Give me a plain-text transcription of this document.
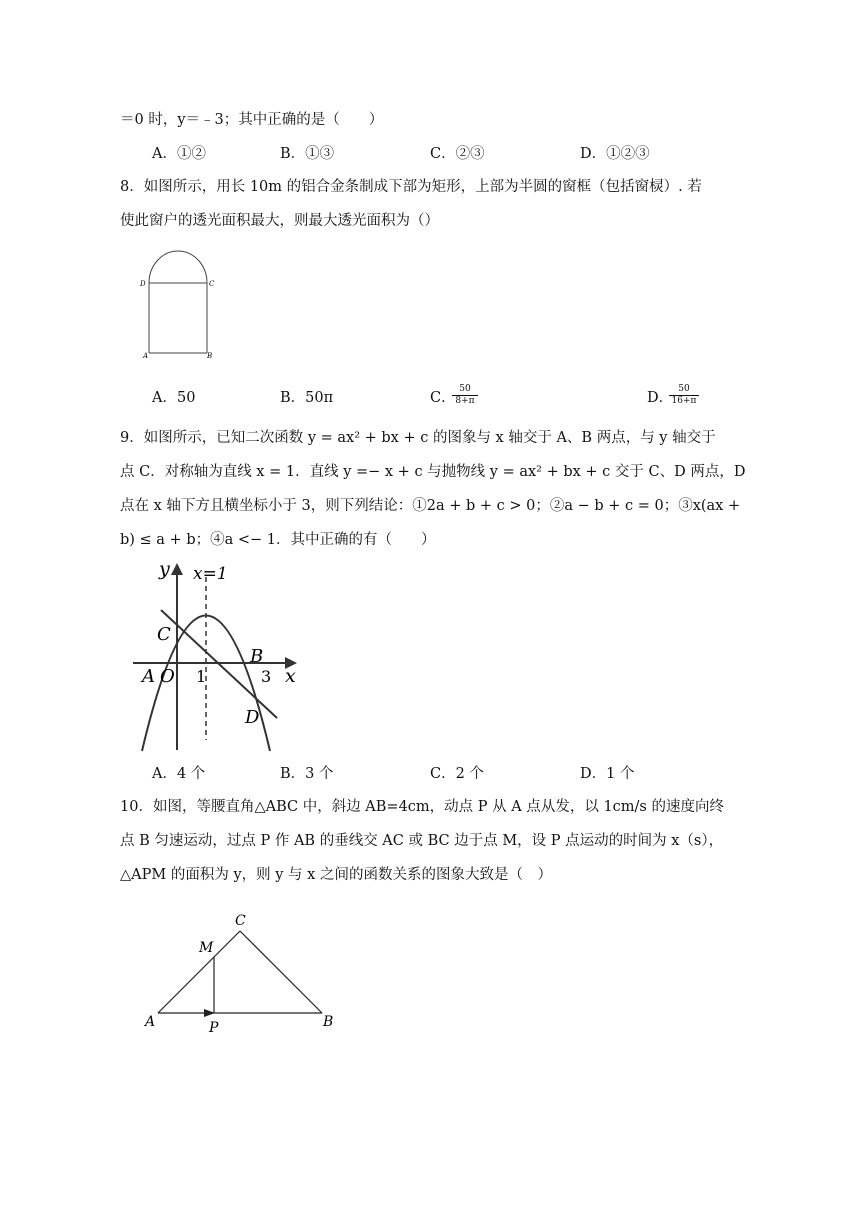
＝0 时，y＝﹣3；其中正确的是（　　）
A．①②	B．①③	C．②③	D．①②③
8．如图所示，用长 10m 的铝合金条制成下部为矩形，上部为半圆的窗框（包括窗棂）. 若
使此窗户的透光面积最大，则最大透光面积为（）
D	C
A	B
A．50	B．50π	C．
$\frac{50}{8+\pi}$	D．
$\frac{50}{16+\pi}$
9．如图所示，已知二次函数 y = ax² + bx + c 的图象与 x 轴交于 A、B 两点，与 y 轴交于
点 C．对称轴为直线 x = 1．直线 y =− x + c 与抛物线 y = ax² + bx + c 交于 C、D 两点，D
点在 x 轴下方且横坐标小于 3，则下列结论：①2a + b + c > 0；②a − b + c = 0；③x(ax +
b) ≤ a + b；④a <− 1．其中正确的有（　　）
y x=1
C
A O 1
B
3 x
D
A．4 个	B．3 个	C．2 个	D．1 个
10．如图，等腰直角△ABC 中，斜边 AB=4cm，动点 P 从 A 点从发，以 1cm/s 的速度向终
点 B 匀速运动，过点 P 作 AB 的垂线交 AC 或 BC 边于点 M，设 P 点运动的时间为 x（s），
△APM 的面积为 y，则 y 与 x 之间的函数关系的图象大致是（　）
C
M
A	P	B
